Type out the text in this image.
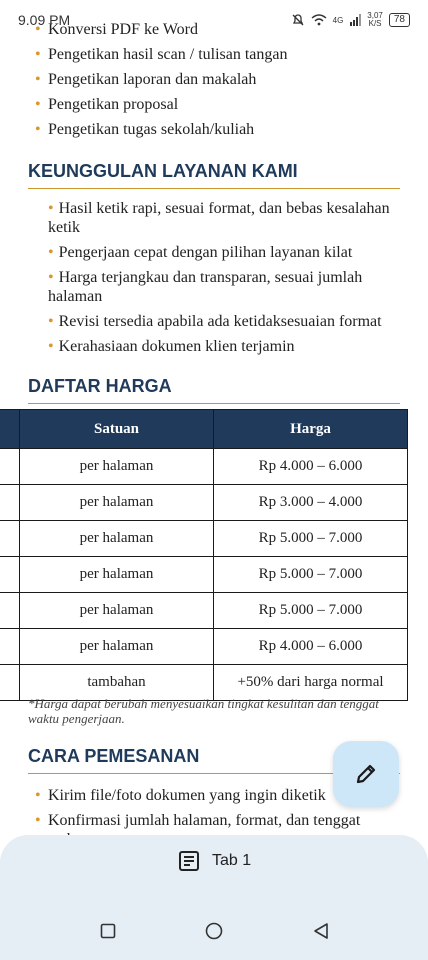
9.09 PM	4G	3,07
K/S	78
• Konversi PDF ke Word
• Pengetikan hasil scan / tulisan tangan
• Pengetikan laporan dan makalah
• Pengetikan proposal
• Pengetikan tugas sekolah/kuliah
KEUNGGULAN LAYANAN KAMI
• Hasil ketik rapi, sesuai format, dan bebas kesalahan ketik
• Pengerjaan cepat dengan pilihan layanan kilat
• Harga terjangkau dan transparan, sesuai jumlah halaman
• Revisi tersedia apabila ada ketidaksesuaian format
• Kerahasiaan dokumen klien terjamin
DAFTAR HARGA
	Satuan	Harga
	per halaman	Rp 4.000 – 6.000
	per halaman	Rp 3.000 – 4.000
	per halaman	Rp 5.000 – 7.000
	per halaman	Rp 5.000 – 7.000
	per halaman	Rp 5.000 – 7.000
	per halaman	Rp 4.000 – 6.000
	tambahan	+50% dari harga normal
*Harga dapat berubah menyesuaikan tingkat kesulitan dan tenggat waktu pengerjaan.
CARA PEMESANAN
• Kirim file/foto dokumen yang ingin diketik
• Konfirmasi jumlah halaman, format, dan tenggat
Tab 1
